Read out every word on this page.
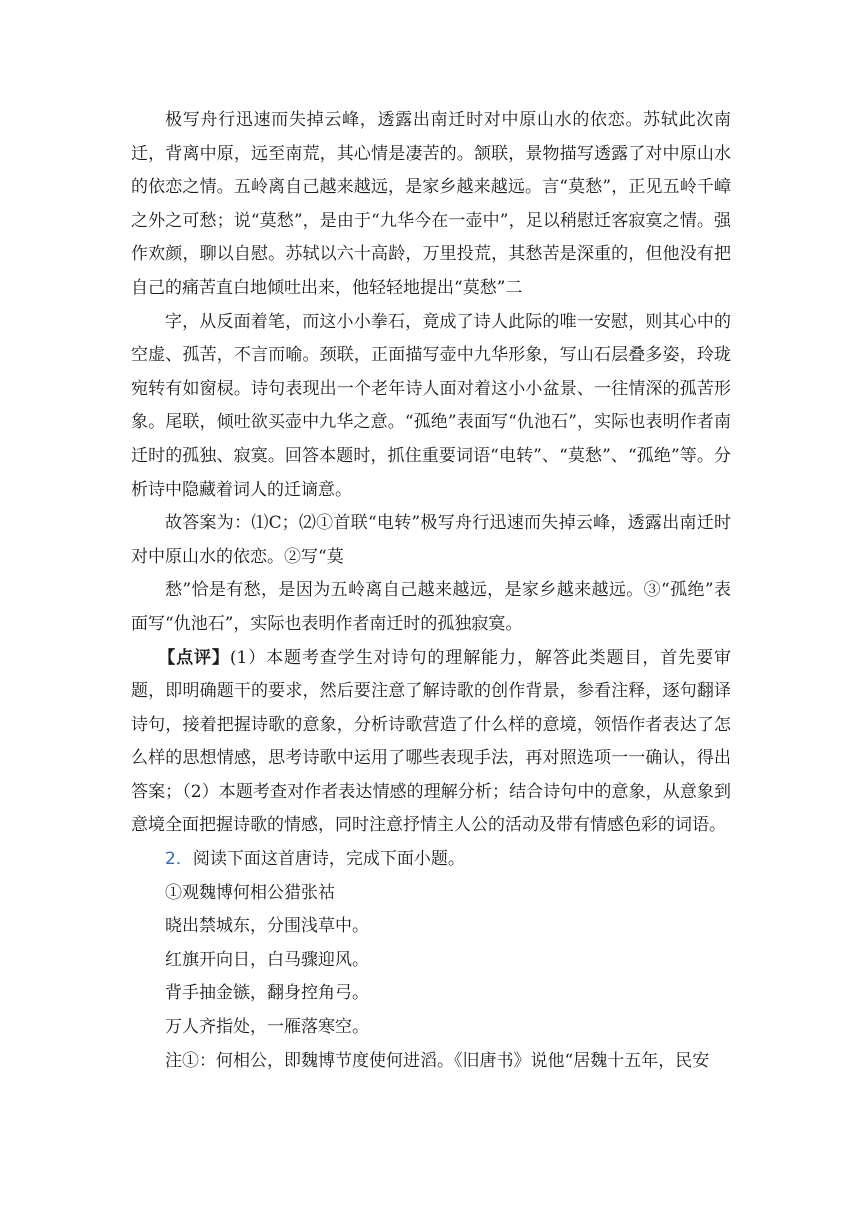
极写舟行迅速而失掉云峰，透露出南迁时对中原山水的依恋。苏轼此次南迁，背离中原，远至南荒，其心情是凄苦的。颔联，景物描写透露了对中原山水的依恋之情。五岭离自己越来越远，是家乡越来越远。言“莫愁”，正见五岭千嶂之外之可愁；说“莫愁”，是由于“九华今在一壶中”，足以稍慰迁客寂寞之情。强作欢颜，聊以自慰。苏轼以六十高龄，万里投荒，其愁苦是深重的，但他没有把自己的痛苦直白地倾吐出来，他轻轻地提出“莫愁”二

字，从反面着笔，而这小小拳石，竟成了诗人此际的唯一安慰，则其心中的空虚、孤苦，不言而喻。颈联，正面描写壶中九华形象，写山石层叠多姿，玲珑宛转有如窗棂。诗句表现出一个老年诗人面对着这小小盆景、一往情深的孤苦形象。尾联，倾吐欲买壶中九华之意。“孤绝”表面写“仇池石”，实际也表明作者南迁时的孤独、寂寞。回答本题时，抓住重要词语“电转”、“莫愁”、“孤绝”等。分析诗中隐藏着词人的迁谪意。

故答案为：⑴C；⑵①首联“电转”极写舟行迅速而失掉云峰，透露出南迁时对中原山水的依恋。②写“莫

愁”恰是有愁，是因为五岭离自己越来越远，是家乡越来越远。③“孤绝”表面写“仇池石”，实际也表明作者南迁时的孤独寂寞。

【点评】(1）本题考查学生对诗句的理解能力，解答此类题目，首先要审题，即明确题干的要求，然后要注意了解诗歌的创作背景，参看注释，逐句翻译诗句，接着把握诗歌的意象，分析诗歌营造了什么样的意境，领悟作者表达了怎么样的思想情感，思考诗歌中运用了哪些表现手法，再对照选项一一确认，得出答案；（2）本题考查对作者表达情感的理解分析；结合诗句中的意象，从意象到意境全面把握诗歌的情感，同时注意抒情主人公的活动及带有情感色彩的词语。

2．阅读下面这首唐诗，完成下面小题。

①观魏博何相公猎张祜

晓出禁城东，分围浅草中。

红旗开向日，白马骤迎风。

背手抽金镞，翻身控角弓。

万人齐指处，一雁落寒空。

注①：何相公，即魏博节度使何进滔。《旧唐书》说他“居魏十五年，民安
